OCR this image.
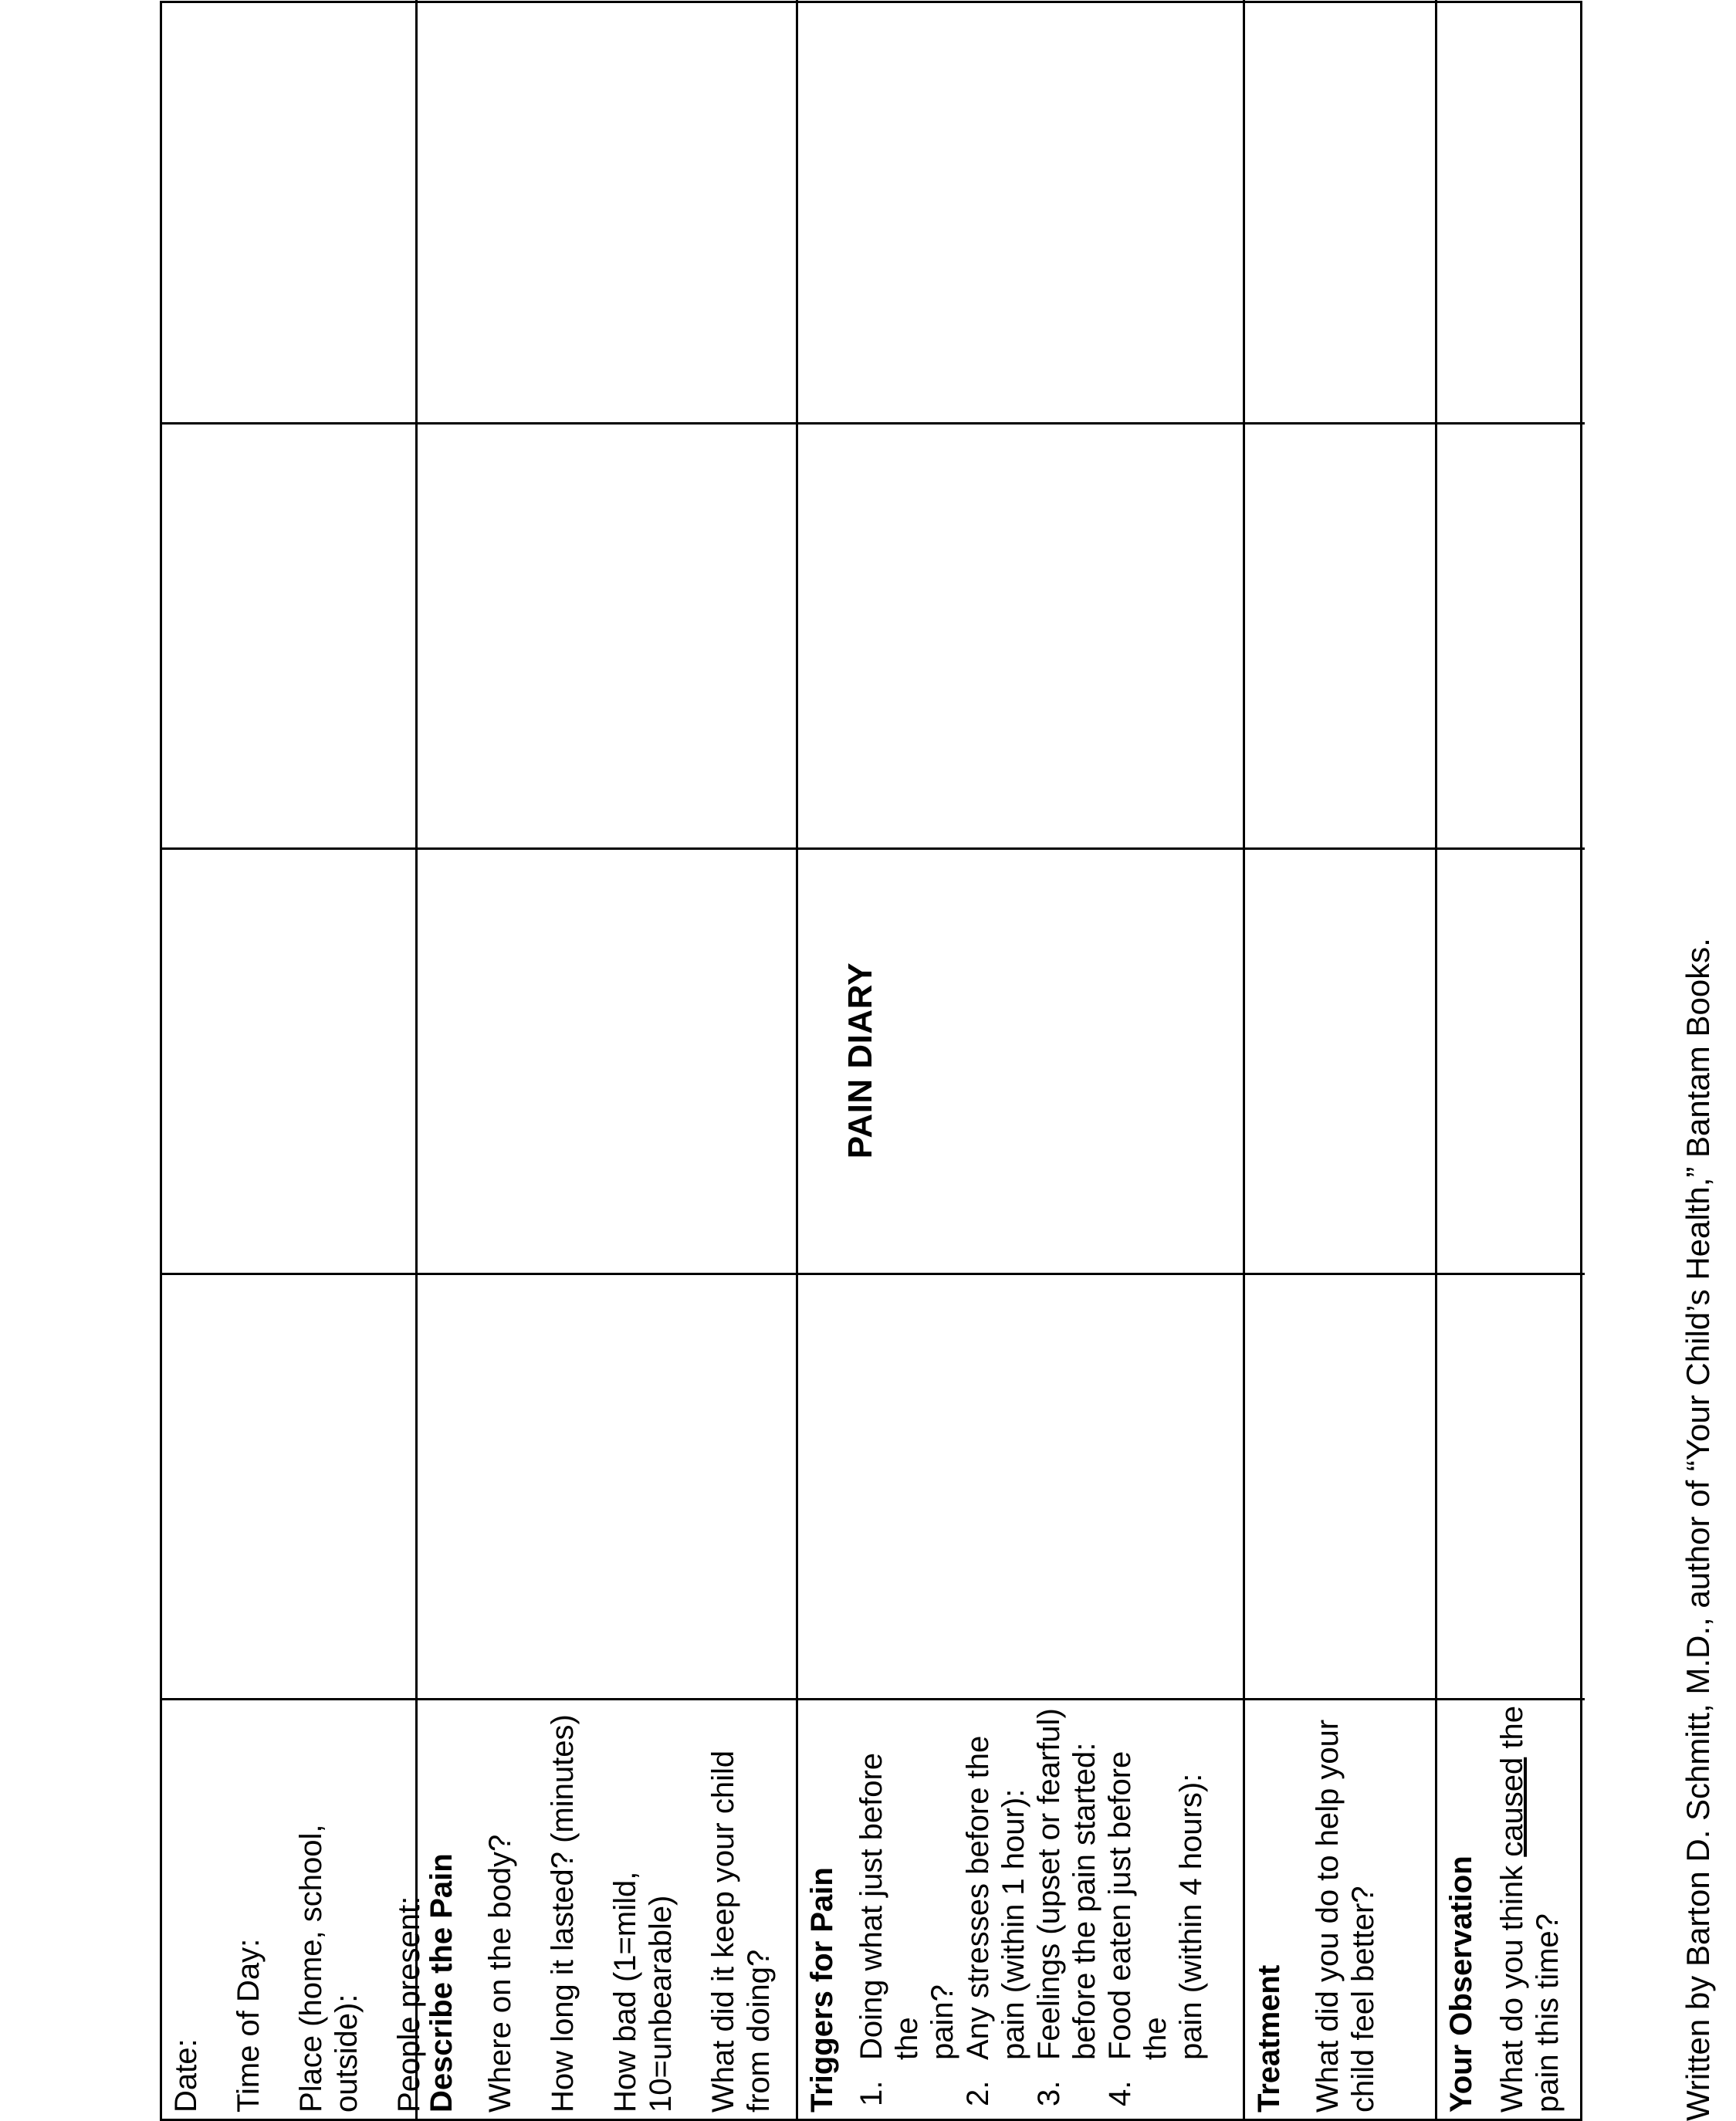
PAIN DIARY

Date: Time of Day: Place (home, school, outside): People present:

Describe the Pain Where on the body? How long it lasted? (minutes) How bad (1=mild,
10=unbearable) What did it keep your child
from doing? Triggers for Pain 1.
Doing what just before the
pain?
2.
Any stresses before the
pain (within 1 hour):
3.
Feelings (upset or fearful)
before the pain started:
4.
Food eaten just before the
pain (within 4 hours): Treatment What did you do to help your
child feel better? Your Observation What do you think caused the
pain this time?	Written by Barton D. Schmitt, M.D., author of “Your Child’s Health,” Bantam Books.
